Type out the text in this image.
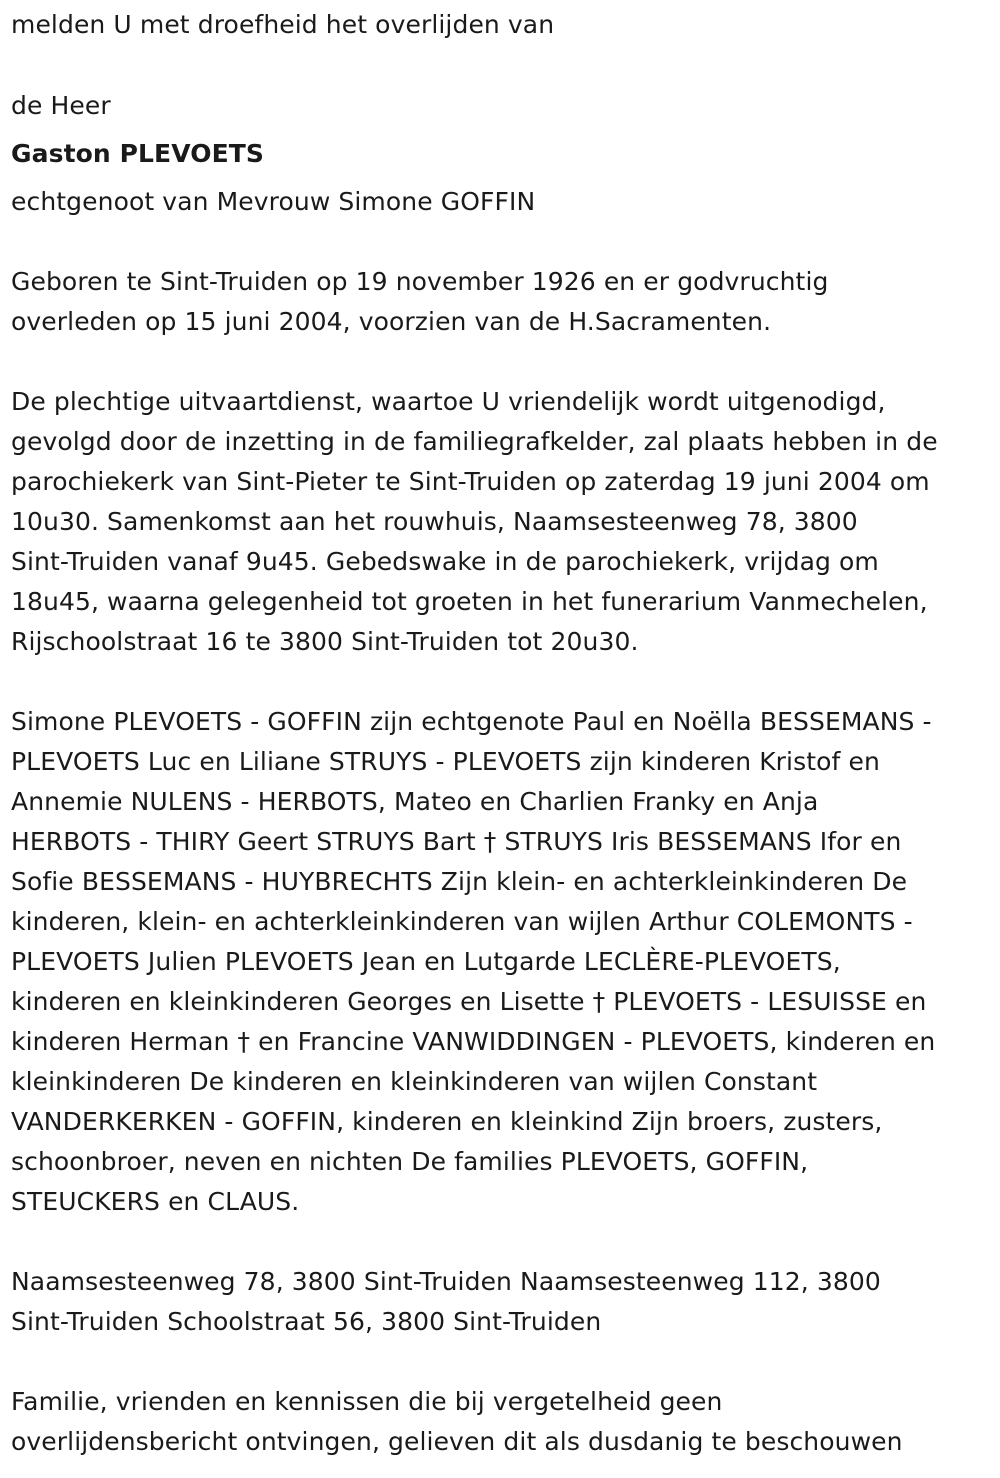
melden U met droefheid het overlijden van

de Heer

Gaston PLEVOETS

echtgenoot van Mevrouw Simone GOFFIN

Geboren te Sint-Truiden op 19 november 1926 en er godvruchtig

overleden op 15 juni 2004, voorzien van de H.Sacramenten.

De plechtige uitvaartdienst, waartoe U vriendelijk wordt uitgenodigd,

gevolgd door de inzetting in de familiegrafkelder, zal plaats hebben in de

parochiekerk van Sint-Pieter te Sint-Truiden op zaterdag 19 juni 2004 om

10u30. Samenkomst aan het rouwhuis, Naamsesteenweg 78, 3800

Sint-Truiden vanaf 9u45. Gebedswake in de parochiekerk, vrijdag om

18u45, waarna gelegenheid tot groeten in het funerarium Vanmechelen,

Rijschoolstraat 16 te 3800 Sint-Truiden tot 20u30.

Simone PLEVOETS - GOFFIN zijn echtgenote Paul en Noëlla BESSEMANS -

PLEVOETS Luc en Liliane STRUYS - PLEVOETS zijn kinderen Kristof en

Annemie NULENS - HERBOTS, Mateo en Charlien Franky en Anja

HERBOTS - THIRY Geert STRUYS Bart † STRUYS Iris BESSEMANS Ifor en

Sofie BESSEMANS - HUYBRECHTS Zijn klein- en achterkleinkinderen De

kinderen, klein- en achterkleinkinderen van wijlen Arthur COLEMONTS -

PLEVOETS Julien PLEVOETS Jean en Lutgarde LECLÈRE-PLEVOETS,

kinderen en kleinkinderen Georges en Lisette † PLEVOETS - LESUISSE en

kinderen Herman † en Francine VANWIDDINGEN - PLEVOETS, kinderen en

kleinkinderen De kinderen en kleinkinderen van wijlen Constant

VANDERKERKEN - GOFFIN, kinderen en kleinkind Zijn broers, zusters,

schoonbroer, neven en nichten De families PLEVOETS, GOFFIN,

STEUCKERS en CLAUS.

Naamsesteenweg 78, 3800 Sint-Truiden Naamsesteenweg 112, 3800

Sint-Truiden Schoolstraat 56, 3800 Sint-Truiden

Familie, vrienden en kennissen die bij vergetelheid geen

overlijdensbericht ontvingen, gelieven dit als dusdanig te beschouwen
